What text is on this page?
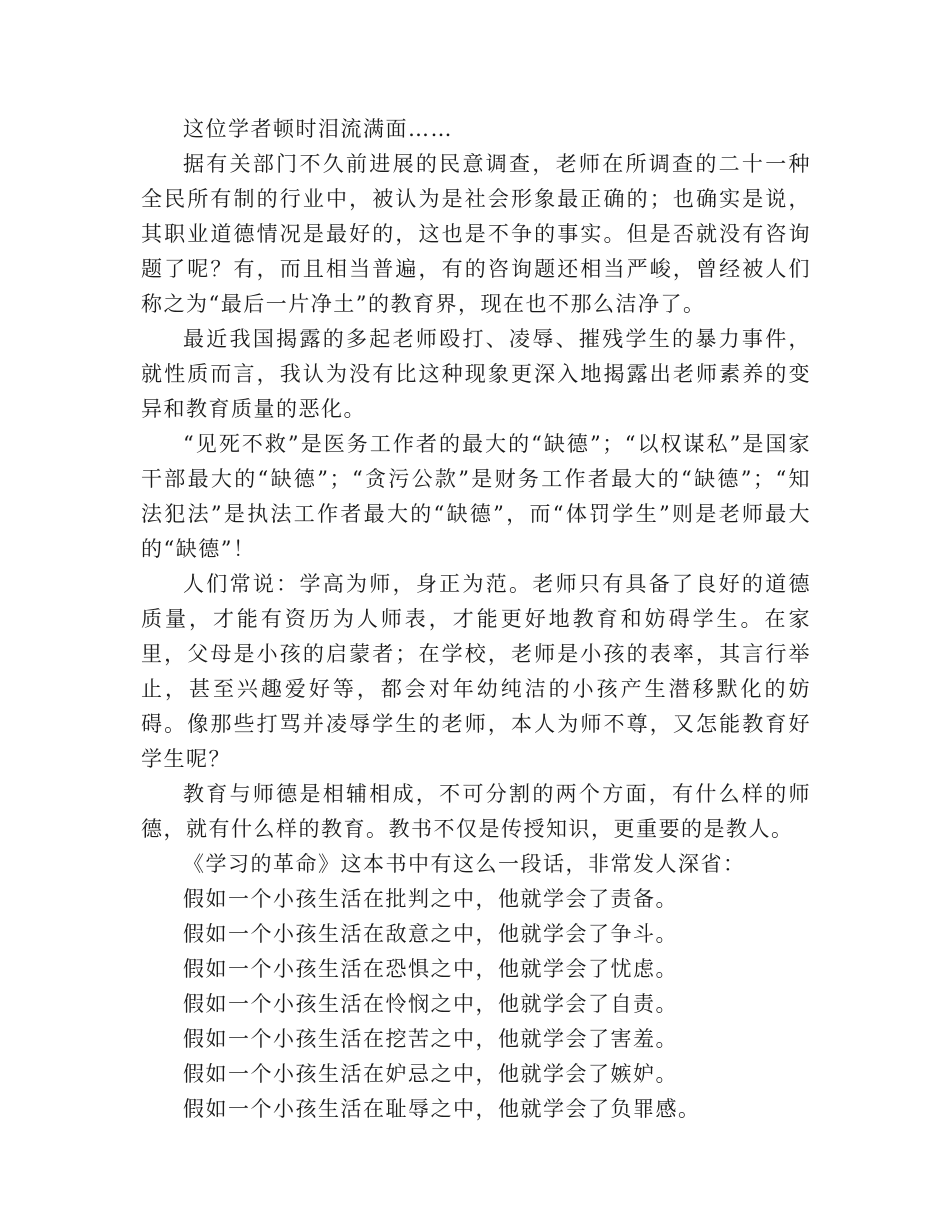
这位学者顿时泪流满面……

据有关部门不久前进展的民意调查，老师在所调查的二十一种全民所有制的行业中，被认为是社会形象最正确的；也确实是说，其职业道德情况是最好的，这也是不争的事实。但是否就没有咨询题了呢？有，而且相当普遍，有的咨询题还相当严峻，曾经被人们称之为“最后一片净土”的教育界，现在也不那么洁净了。

最近我国揭露的多起老师殴打、凌辱、摧残学生的暴力事件，就性质而言，我认为没有比这种现象更深入地揭露出老师素养的变异和教育质量的恶化。

“见死不救”是医务工作者的最大的“缺德”；“以权谋私”是国家干部最大的“缺德”；“贪污公款”是财务工作者最大的“缺德”；“知法犯法”是执法工作者最大的“缺德”，而“体罚学生”则是老师最大的“缺德”！

人们常说：学高为师，身正为范。老师只有具备了良好的道德质量，才能有资历为人师表，才能更好地教育和妨碍学生。在家里，父母是小孩的启蒙者；在学校，老师是小孩的表率，其言行举止，甚至兴趣爱好等，都会对年幼纯洁的小孩产生潜移默化的妨碍。像那些打骂并凌辱学生的老师，本人为师不尊，又怎能教育好学生呢？

教育与师德是相辅相成，不可分割的两个方面，有什么样的师德，就有什么样的教育。教书不仅是传授知识，更重要的是教人。

《学习的革命》这本书中有这么一段话，非常发人深省：

假如一个小孩生活在批判之中，他就学会了责备。

假如一个小孩生活在敌意之中，他就学会了争斗。

假如一个小孩生活在恐惧之中，他就学会了忧虑。

假如一个小孩生活在怜悯之中，他就学会了自责。

假如一个小孩生活在挖苦之中，他就学会了害羞。

假如一个小孩生活在妒忌之中，他就学会了嫉妒。

假如一个小孩生活在耻辱之中，他就学会了负罪感。
